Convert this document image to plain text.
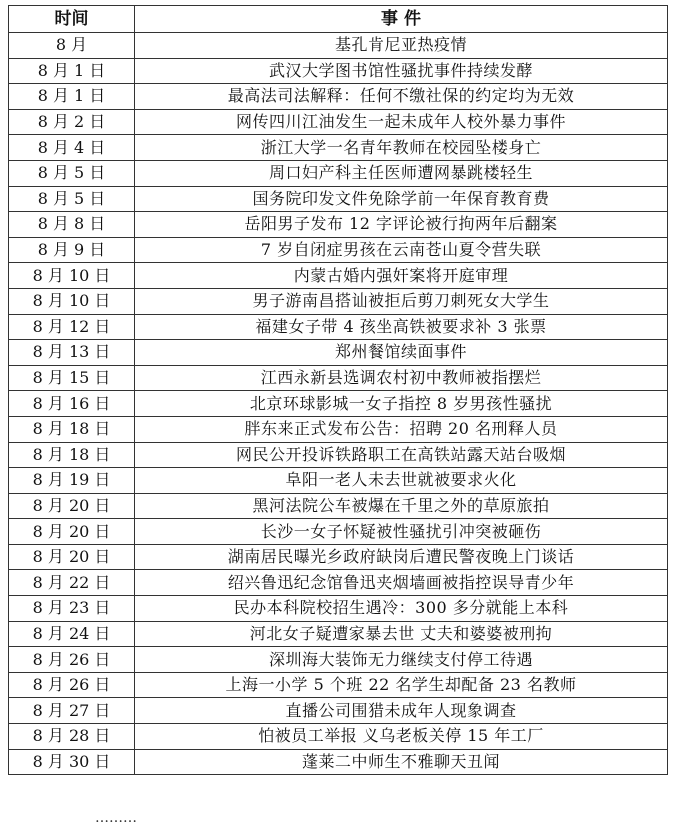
时间	事 件
8 月	基孔肯尼亚热疫情
8 月 1 日	武汉大学图书馆性骚扰事件持续发酵
8 月 1 日	最高法司法解释：任何不缴社保的约定均为无效
8 月 2 日	网传四川江油发生一起未成年人校外暴力事件
8 月 4 日	浙江大学一名青年教师在校园坠楼身亡
8 月 5 日	周口妇产科主任医师遭网暴跳楼轻生
8 月 5 日	国务院印发文件免除学前一年保育教育费
8 月 8 日	岳阳男子发布 12 字评论被行拘两年后翻案
8 月 9 日	7 岁自闭症男孩在云南苍山夏令营失联
8 月 10 日	内蒙古婚内强奸案将开庭审理
8 月 10 日	男子游南昌搭讪被拒后剪刀刺死女大学生
8 月 12 日	福建女子带 4 孩坐高铁被要求补 3 张票
8 月 13 日	郑州餐馆续面事件
8 月 15 日	江西永新县选调农村初中教师被指摆烂
8 月 16 日	北京环球影城一女子指控 8 岁男孩性骚扰
8 月 18 日	胖东来正式发布公告：招聘 20 名刑释人员
8 月 18 日	网民公开投诉铁路职工在高铁站露天站台吸烟
8 月 19 日	阜阳一老人未去世就被要求火化
8 月 20 日	黑河法院公车被爆在千里之外的草原旅拍
8 月 20 日	长沙一女子怀疑被性骚扰引冲突被砸伤
8 月 20 日	湖南居民曝光乡政府缺岗后遭民警夜晚上门谈话
8 月 22 日	绍兴鲁迅纪念馆鲁迅夹烟墙画被指控误导青少年
8 月 23 日	民办本科院校招生遇冷：300 多分就能上本科
8 月 24 日	河北女子疑遭家暴去世 丈夫和婆婆被刑拘
8 月 26 日	深圳海大装饰无力继续支付停工待遇
8 月 26 日	上海一小学 5 个班 22 名学生却配备 23 名教师
8 月 27 日	直播公司围猎未成年人现象调查
8 月 28 日	怕被员工举报 义乌老板关停 15 年工厂
8 月 30 日	蓬莱二中师生不雅聊天丑闻
………
